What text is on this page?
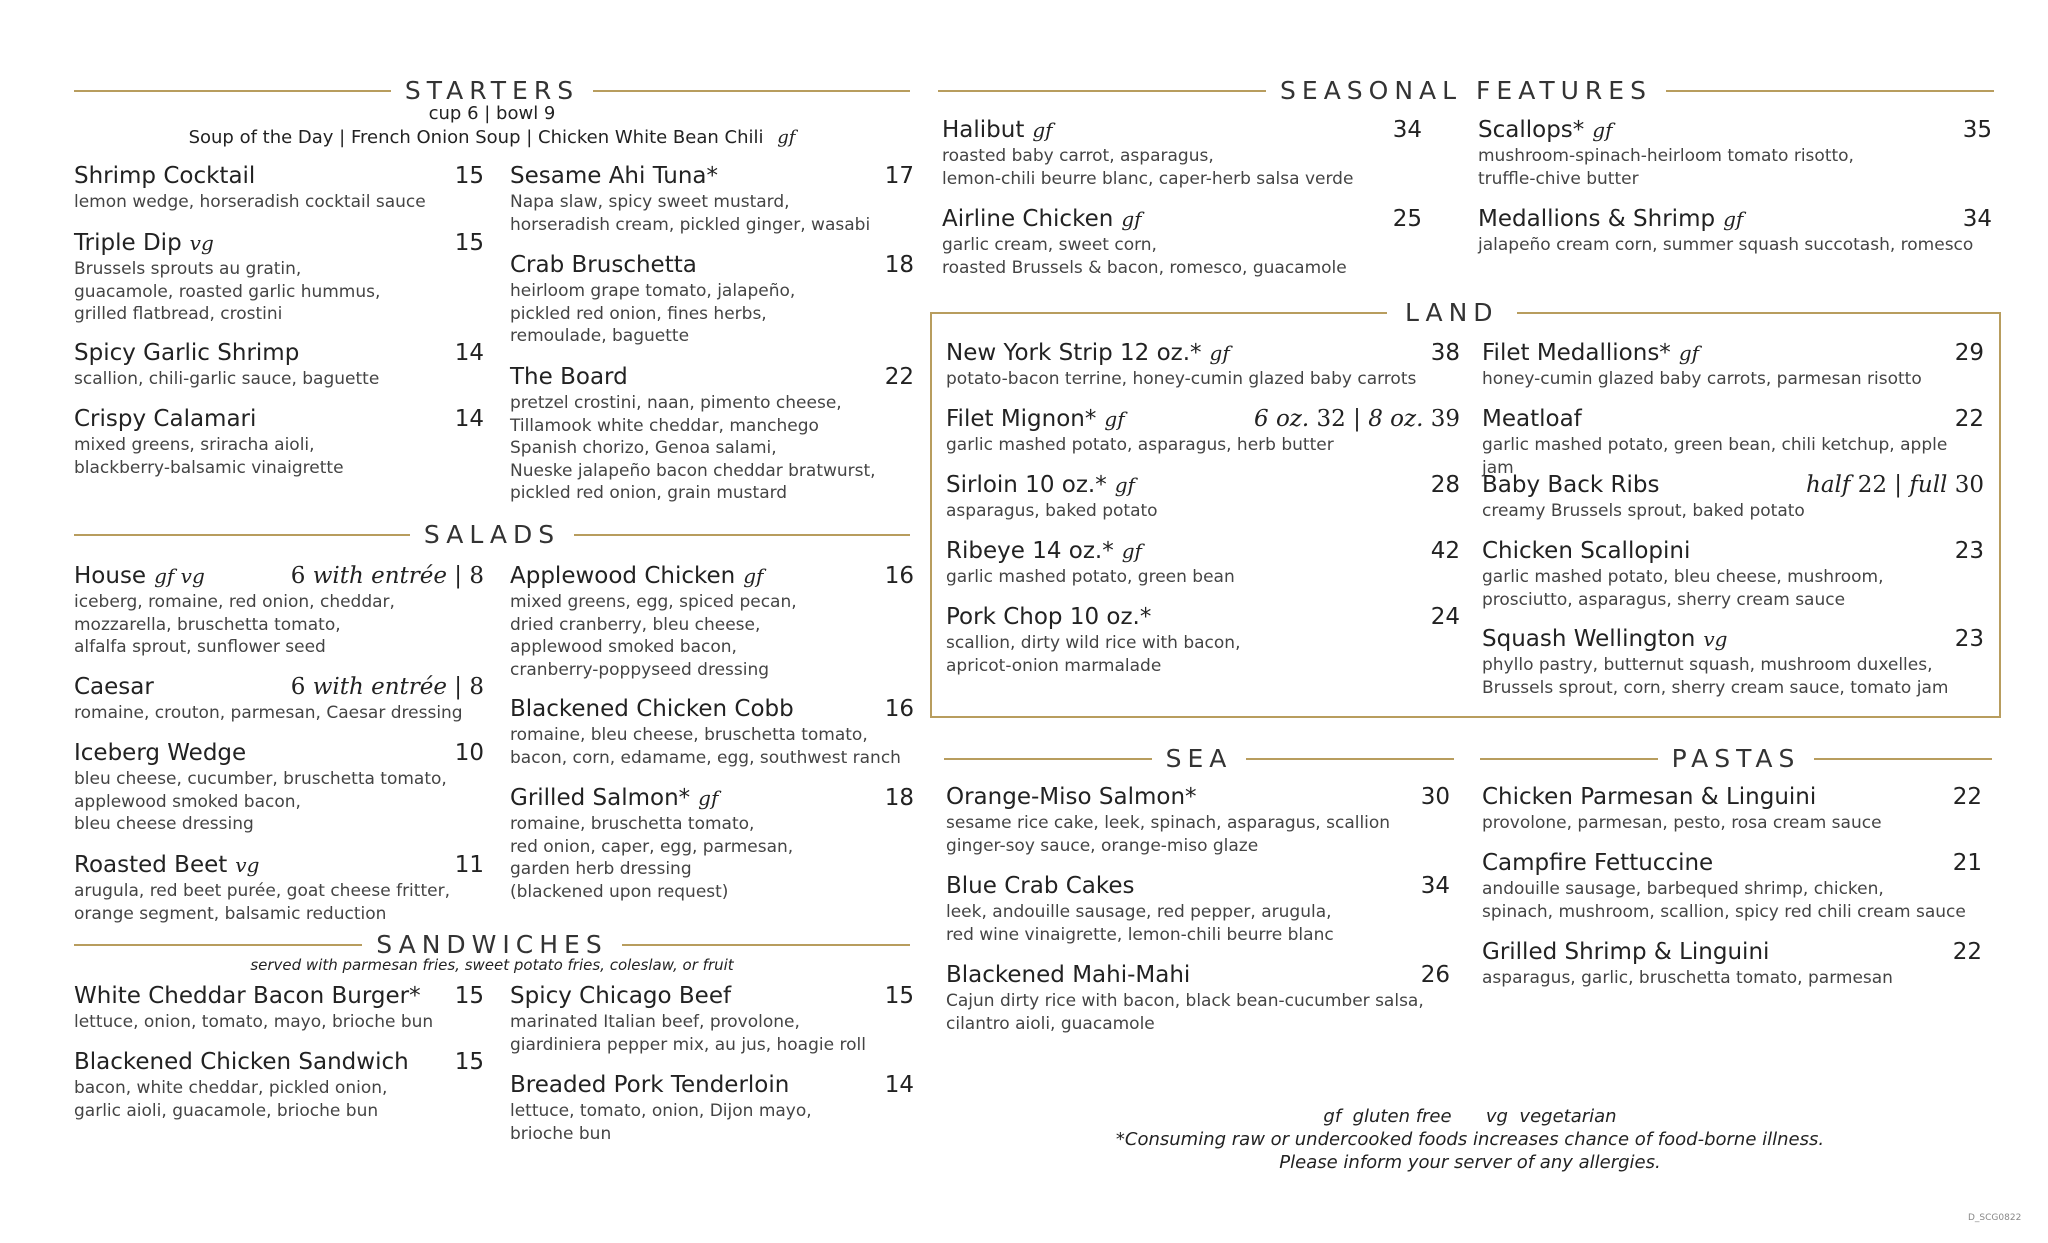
STARTERS
cup 6 | bowl 9
Soup of the Day | French Onion Soup | Chicken White Bean Chili gf
Shrimp Cocktail	15
lemon wedge, horseradish cocktail sauce
Triple Dip vg	15
Brussels sprouts au gratin,
guacamole, roasted garlic hummus,
grilled flatbread, crostini
Spicy Garlic Shrimp	14
scallion, chili-garlic sauce, baguette
Crispy Calamari	14
mixed greens, sriracha aioli,
blackberry-balsamic vinaigrette
Sesame Ahi Tuna*	17
Napa slaw, spicy sweet mustard,
horseradish cream, pickled ginger, wasabi
Crab Bruschetta	18
heirloom grape tomato, jalapeño,
pickled red onion, fines herbs,
remoulade, baguette
The Board	22
pretzel crostini, naan, pimento cheese,
Tillamook white cheddar, manchego
Spanish chorizo, Genoa salami,
Nueske jalapeño bacon cheddar bratwurst,
pickled red onion, grain mustard
SALADS
House gf vg	6 with entrée | 8
iceberg, romaine, red onion, cheddar,
mozzarella, bruschetta tomato,
alfalfa sprout, sunflower seed
Caesar	6 with entrée | 8
romaine, crouton, parmesan, Caesar dressing
Iceberg Wedge	10
bleu cheese, cucumber, bruschetta tomato,
applewood smoked bacon,
bleu cheese dressing
Roasted Beet vg	11
arugula, red beet purée, goat cheese fritter,
orange segment, balsamic reduction
Applewood Chicken gf	16
mixed greens, egg, spiced pecan,
dried cranberry, bleu cheese,
applewood smoked bacon,
cranberry-poppyseed dressing
Blackened Chicken Cobb	16
romaine, bleu cheese, bruschetta tomato,
bacon, corn, edamame, egg, southwest ranch
Grilled Salmon* gf	18
romaine, bruschetta tomato,
red onion, caper, egg, parmesan,
garden herb dressing
(blackened upon request)
SANDWICHES
served with parmesan fries, sweet potato fries, coleslaw, or fruit
White Cheddar Bacon Burger* 15
lettuce, onion, tomato, mayo, brioche bun
Blackened Chicken Sandwich 15
bacon, white cheddar, pickled onion,
garlic aioli, guacamole, brioche bun
Spicy Chicago Beef	15
marinated Italian beef, provolone,
giardiniera pepper mix, au jus, hoagie roll
Breaded Pork Tenderloin	14
lettuce, tomato, onion, Dijon mayo,
brioche bun
SEASONAL FEATURES
Halibut gf	34
roasted baby carrot, asparagus,
lemon-chili beurre blanc, caper-herb salsa verde
Airline Chicken gf	25
garlic cream, sweet corn,
roasted Brussels & bacon, romesco, guacamole
Scallops* gf	35
mushroom-spinach-heirloom tomato risotto,
truffle-chive butter
Medallions & Shrimp gf	34
jalapeño cream corn, summer squash succotash, romesco
LAND
New York Strip 12 oz.* gf	38
potato-bacon terrine, honey-cumin glazed baby carrots
Filet Mignon* gf	6 oz. 32 | 8 oz. 39
garlic mashed potato, asparagus, herb butter
Sirloin 10 oz.* gf	28
asparagus, baked potato
Ribeye 14 oz.* gf	42
garlic mashed potato, green bean
Pork Chop 10 oz.*	24
scallion, dirty wild rice with bacon,
apricot-onion marmalade
Filet Medallions* gf	29
honey-cumin glazed baby carrots, parmesan risotto
Meatloaf	22
garlic mashed potato, green bean, chili ketchup, apple jam
Baby Back Ribs	half 22 | full 30
creamy Brussels sprout, baked potato
Chicken Scallopini	23
garlic mashed potato, bleu cheese, mushroom,
prosciutto, asparagus, sherry cream sauce
Squash Wellington vg	23
phyllo pastry, butternut squash, mushroom duxelles,
Brussels sprout, corn, sherry cream sauce, tomato jam
SEA
Orange-Miso Salmon*	30
sesame rice cake, leek, spinach, asparagus, scallion
ginger-soy sauce, orange-miso glaze
Blue Crab Cakes	34
leek, andouille sausage, red pepper, arugula,
red wine vinaigrette, lemon-chili beurre blanc
Blackened Mahi-Mahi	26
Cajun dirty rice with bacon, black bean-cucumber salsa,
cilantro aioli, guacamole
PASTAS
Chicken Parmesan & Linguini	22
provolone, parmesan, pesto, rosa cream sauce
Campfire Fettuccine	21
andouille sausage, barbequed shrimp, chicken,
spinach, mushroom, scallion, spicy red chili cream sauce
Grilled Shrimp & Linguini	22
asparagus, garlic, bruschetta tomato, parmesan
gf  gluten free      vg  vegetarian
*Consuming raw or undercooked foods increases chance of food-borne illness.
Please inform your server of any allergies.
D_SCG0822
